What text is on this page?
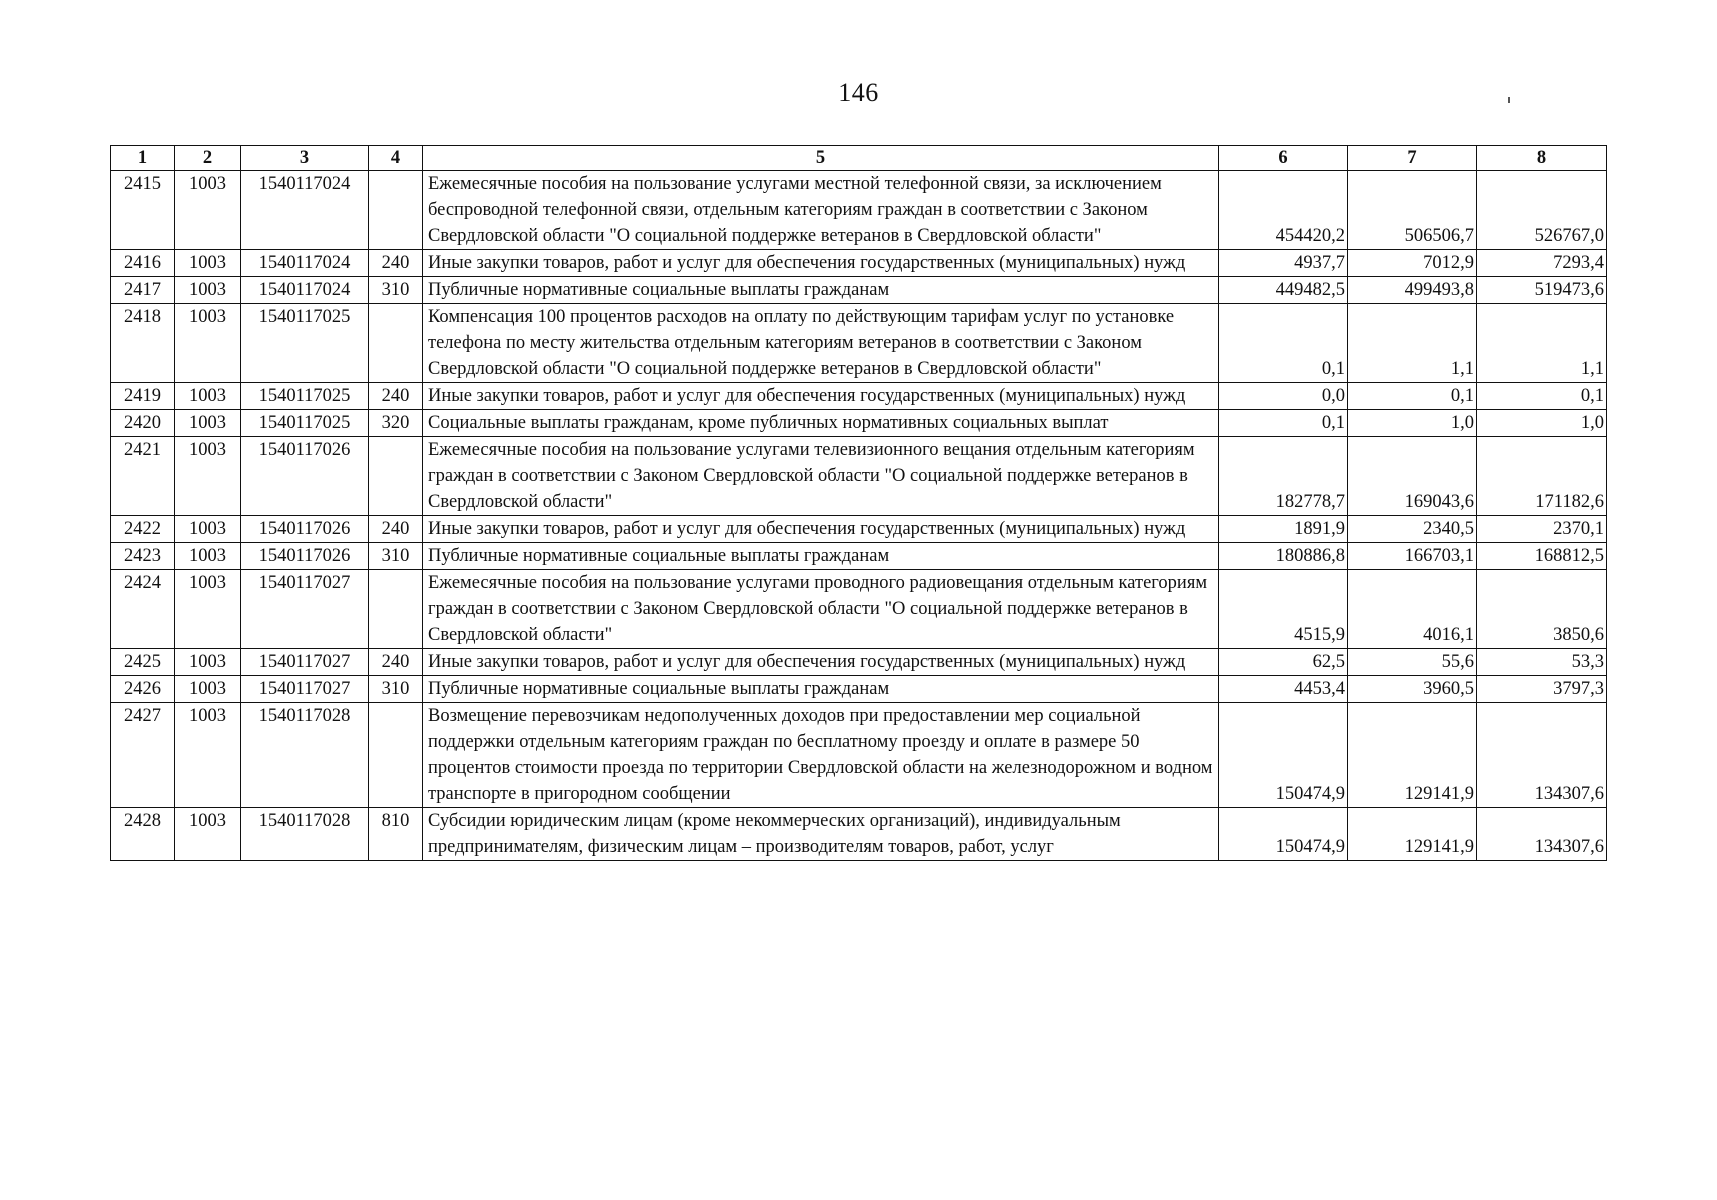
146
1	2	3	4	5	6	7	8
2415	1003	1540117024		Ежемесячные пособия на пользование услугами местной телефонной связи, за исключением беспроводной телефонной связи, отдельным категориям граждан в соответствии с Законом Свердловской области "О социальной поддержке ветеранов в Свердловской области"	454420,2	506506,7	526767,0
2416	1003	1540117024	240	Иные закупки товаров, работ и услуг для обеспечения государственных (муниципальных) нужд	4937,7	7012,9	7293,4
2417	1003	1540117024	310	Публичные нормативные социальные выплаты гражданам	449482,5	499493,8	519473,6
2418	1003	1540117025		Компенсация 100 процентов расходов на оплату по действующим тарифам услуг по установке телефона по месту жительства отдельным категориям ветеранов в соответствии с Законом Свердловской области "О социальной поддержке ветеранов в Свердловской области"	0,1	1,1	1,1
2419	1003	1540117025	240	Иные закупки товаров, работ и услуг для обеспечения государственных (муниципальных) нужд	0,0	0,1	0,1
2420	1003	1540117025	320	Социальные выплаты гражданам, кроме публичных нормативных социальных выплат	0,1	1,0	1,0
2421	1003	1540117026		Ежемесячные пособия на пользование услугами телевизионного вещания отдельным категориям граждан в соответствии с Законом Свердловской области "О социальной поддержке ветеранов в Свердловской области"	182778,7	169043,6	171182,6
2422	1003	1540117026	240	Иные закупки товаров, работ и услуг для обеспечения государственных (муниципальных) нужд	1891,9	2340,5	2370,1
2423	1003	1540117026	310	Публичные нормативные социальные выплаты гражданам	180886,8	166703,1	168812,5
2424	1003	1540117027		Ежемесячные пособия на пользование услугами проводного радиовещания отдельным категориям граждан в соответствии с Законом Свердловской области "О социальной поддержке ветеранов в Свердловской области"	4515,9	4016,1	3850,6
2425	1003	1540117027	240	Иные закупки товаров, работ и услуг для обеспечения государственных (муниципальных) нужд	62,5	55,6	53,3
2426	1003	1540117027	310	Публичные нормативные социальные выплаты гражданам	4453,4	3960,5	3797,3
2427	1003	1540117028		Возмещение перевозчикам недополученных доходов при предоставлении мер социальной поддержки отдельным категориям граждан по бесплатному проезду и оплате в размере 50 процентов стоимости проезда по территории Свердловской области на железнодорожном и водном транспорте в пригородном сообщении	150474,9	129141,9	134307,6
2428	1003	1540117028	810	Субсидии юридическим лицам (кроме некоммерческих организаций), индивидуальным предпринимателям, физическим лицам – производителям товаров, работ, услуг	150474,9	129141,9	134307,6
